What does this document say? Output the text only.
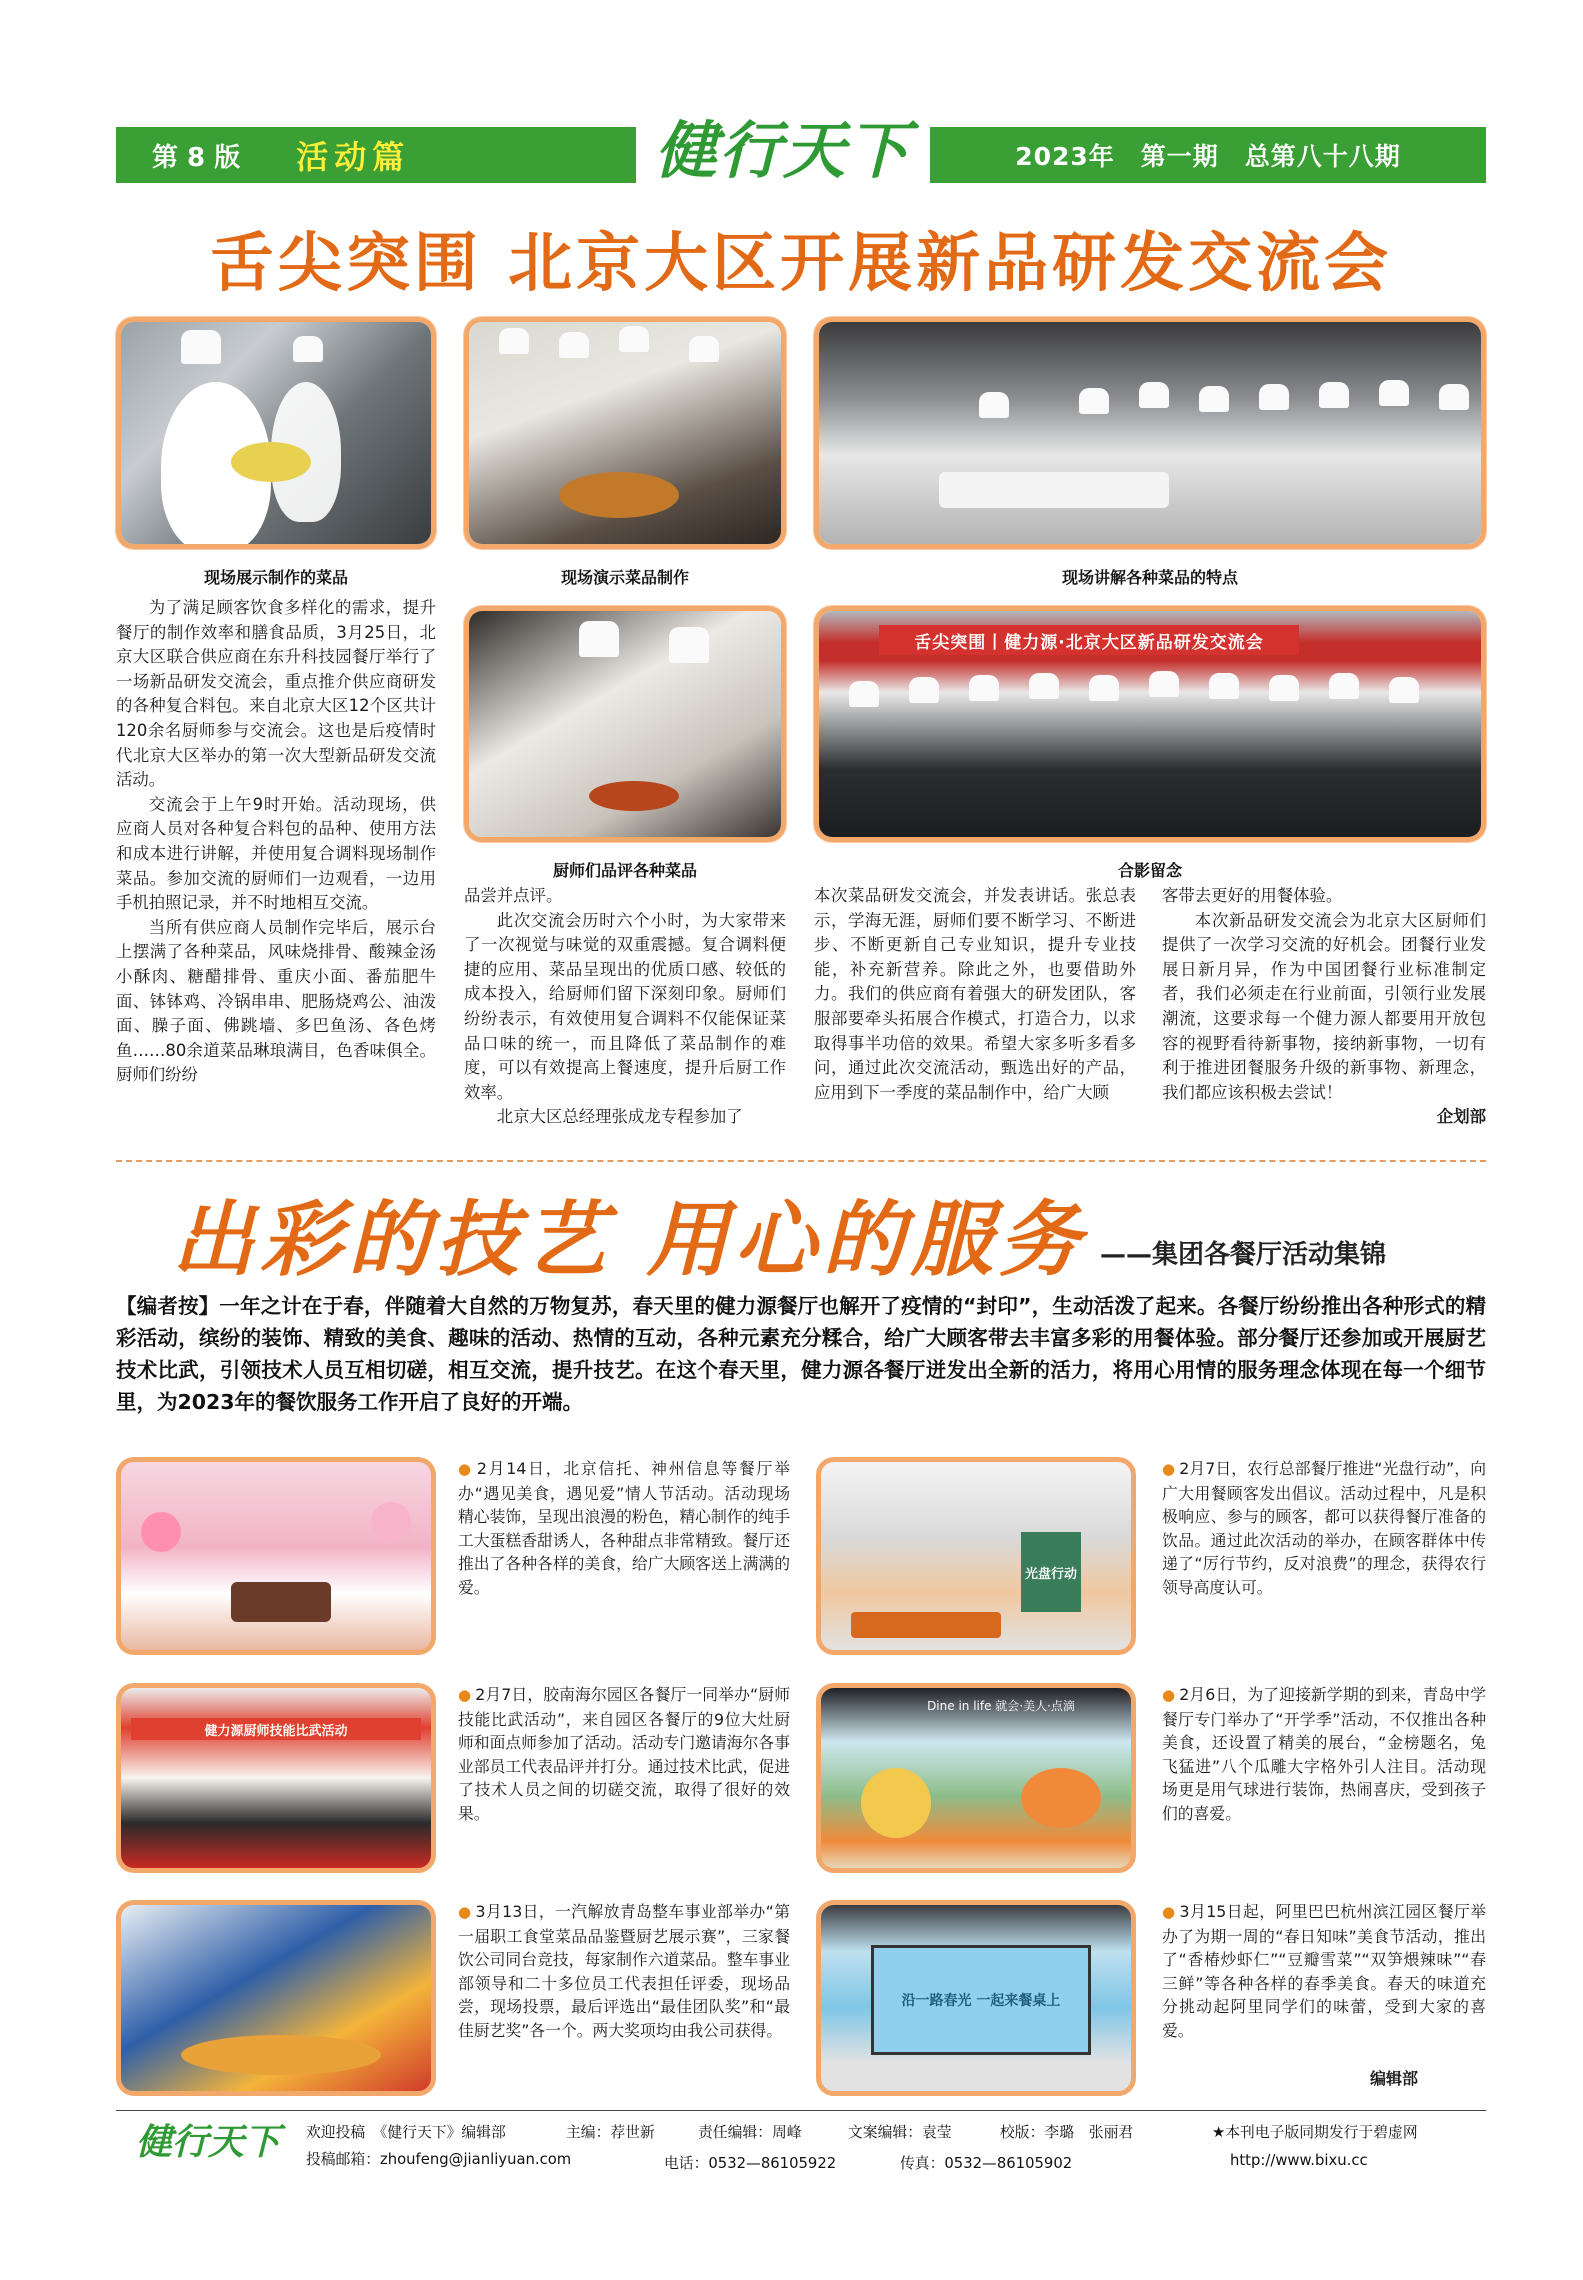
第 8 版 活动篇	健行天下	2023年　第一期　总第八十八期
舌尖突围 北京大区开展新品研发交流会
现场展示制作的菜品	现场演示菜品制作	现场讲解各种菜品的特点
厨师们品评各种菜品
舌尖突围丨健力源·北京大区新品研发交流会
合影留念

为了满足顾客饮食多样化的需求，提升餐厅的制作效率和膳食品质，3月25日，北京大区联合供应商在东升科技园餐厅举行了一场新品研发交流会，重点推介供应商研发的各种复合料包。来自北京大区12个区共计120余名厨师参与交流会。这也是后疫情时代北京大区举办的第一次大型新品研发交流活动。

交流会于上午9时开始。活动现场，供应商人员对各种复合料包的品种、使用方法和成本进行讲解，并使用复合调料现场制作菜品。参加交流的厨师们一边观看，一边用手机拍照记录，并不时地相互交流。

当所有供应商人员制作完毕后，展示台上摆满了各种菜品，风味烧排骨、酸辣金汤小酥肉、糖醋排骨、重庆小面、番茄肥牛面、钵钵鸡、冷锅串串、肥肠烧鸡公、油泼面、臊子面、佛跳墙、多巴鱼汤、各色烤鱼……80余道菜品琳琅满目，色香味俱全。厨师们纷纷

品尝并点评。

此次交流会历时六个小时，为大家带来了一次视觉与味觉的双重震撼。复合调料便捷的应用、菜品呈现出的优质口感、较低的成本投入，给厨师们留下深刻印象。厨师们纷纷表示，有效使用复合调料不仅能保证菜品口味的统一，而且降低了菜品制作的难度，可以有效提高上餐速度，提升后厨工作效率。

北京大区总经理张成龙专程参加了

本次菜品研发交流会，并发表讲话。张总表示，学海无涯，厨师们要不断学习、不断进步、不断更新自己专业知识，提升专业技能，补充新营养。除此之外，也要借助外力。我们的供应商有着强大的研发团队，客服部要牵头拓展合作模式，打造合力，以求取得事半功倍的效果。希望大家多听多看多问，通过此次交流活动，甄选出好的产品，应用到下一季度的菜品制作中，给广大顾

客带去更好的用餐体验。

本次新品研发交流会为北京大区厨师们提供了一次学习交流的好机会。团餐行业发展日新月异，作为中国团餐行业标准制定者，我们必须走在行业前面，引领行业发展潮流，这要求每一个健力源人都要用开放包容的视野看待新事物，接纳新事物，一切有利于推进团餐服务升级的新事物、新理念，我们都应该积极去尝试！

企划部
出彩的技艺 用心的服务 ——集团各餐厅活动集锦
【编者按】一年之计在于春，伴随着大自然的万物复苏，春天里的健力源餐厅也解开了疫情的“封印”，生动活泼了起来。各餐厅纷纷推出各种形式的精彩活动，缤纷的装饰、精致的美食、趣味的活动、热情的互动，各种元素充分糅合，给广大顾客带去丰富多彩的用餐体验。部分餐厅还参加或开展厨艺技术比武，引领技术人员互相切磋，相互交流，提升技艺。在这个春天里，健力源各餐厅迸发出全新的活力，将用心用情的服务理念体现在每一个细节里，为2023年的餐饮服务工作开启了良好的开端。
● 2月14日，北京信托、神州信息等餐厅举办“遇见美食，遇见爱”情人节活动。活动现场精心装饰，呈现出浪漫的粉色，精心制作的纯手工大蛋糕香甜诱人，各种甜点非常精致。餐厅还推出了各种各样的美食，给广大顾客送上满满的爱。
光盘行动
● 2月7日，农行总部餐厅推进“光盘行动”，向广大用餐顾客发出倡议。活动过程中，凡是积极响应、参与的顾客，都可以获得餐厅准备的饮品。通过此次活动的举办，在顾客群体中传递了“厉行节约，反对浪费”的理念，获得农行领导高度认可。
健力源厨师技能比武活动
● 2月7日，胶南海尔园区各餐厅一同举办“厨师技能比武活动”，来自园区各餐厅的9位大灶厨师和面点师参加了活动。活动专门邀请海尔各事业部员工代表品评并打分。通过技术比武，促进了技术人员之间的切磋交流，取得了很好的效果。
Dine in life 就会·美人·点滴
● 2月6日，为了迎接新学期的到来，青岛中学餐厅专门举办了“开学季”活动，不仅推出各种美食，还设置了精美的展台，“金榜题名，兔飞猛进”八个瓜雕大字格外引人注目。活动现场更是用气球进行装饰，热闹喜庆，受到孩子们的喜爱。
● 3月13日，一汽解放青岛整车事业部举办“第一届职工食堂菜品品鉴暨厨艺展示赛”，三家餐饮公司同台竞技，每家制作六道菜品。整车事业部领导和二十多位员工代表担任评委，现场品尝，现场投票，最后评选出“最佳团队奖”和“最佳厨艺奖”各一个。两大奖项均由我公司获得。
沿一路春光 一起来餐桌上
● 3月15日起，阿里巴巴杭州滨江园区餐厅举办了为期一周的“春日知味”美食节活动，推出了“香椿炒虾仁”“豆瓣雪菜”“双笋煨辣味”“春三鲜”等各种各样的春季美食。春天的味道充分挑动起阿里同学们的味蕾，受到大家的喜爱。
编辑部
健行天下	欢迎投稿　《健行天下》编辑部	主编：荐世新	责任编辑：周峰	文案编辑：袁莹	校版：李璐　张丽君	★本刊电子版同期发行于碧虚网
投稿邮箱：zhoufeng@jianliyuan.com	电话：0532—86105922	传真：0532—86105902	http://www.bixu.cc
